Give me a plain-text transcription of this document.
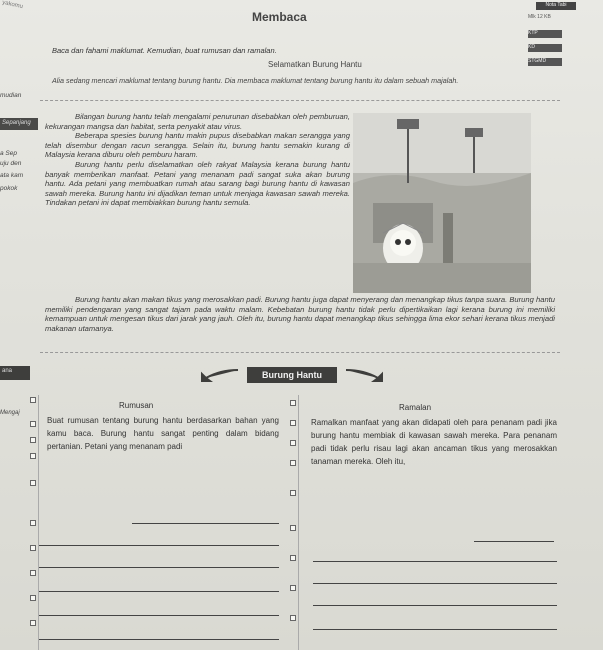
yakomu
Membaca
Nota Tabi
Mlk 12 KB
KTP
KD
STGMD
Baca dan fahami maklumat. Kemudian, buat rumusan dan ramalan.
Selamatkan Burung Hantu
Alia sedang mencari maklumat tentang burung hantu. Dia membaca maklumat tentang burung hantu itu dalam sebuah majalah.
mudian
Sepanjang
a Sep
uju den
ata kam
pokok

Bilangan burung hantu telah mengalami penurunan disebabkan oleh pemburuan, kekurangan mangsa dan habitat, serta penyakit atau virus.

Beberapa spesies burung hantu makin pupus disebabkan makan serangga yang telah disembur dengan racun serangga. Selain itu, burung hantu semakin kurang di Malaysia kerana diburu oleh pemburu haram.

Burung hantu perlu diselamatkan oleh rakyat Malaysia kerana burung hantu banyak memberikan manfaat. Petani yang menanam padi sangat suka akan burung hantu. Ada petani yang membuatkan rumah atau sarang bagi burung hantu di kawasan sawah mereka. Burung hantu ini dijadikan teman untuk menjaga kawasan sawah mereka. Tindakan petani ini dapat membiakkan burung hantu semula.

Burung hantu akan makan tikus yang merosakkan padi. Burung hantu juga dapat menyerang dan menangkap tikus tanpa suara. Burung hantu memiliki pendengaran yang sangat tajam pada waktu malam. Kebebatan burung hantu tidak perlu dipertikaikan lagi kerana burung ini memiliki kemampuan untuk mengesan tikus dari jarak yang jauh. Oleh itu, burung hantu dapat menangkap tikus sehingga lima ekor sehari kerana tikus menjadi makanan utamanya.

ana	Burung Hantu
Rumusan
Buat rumusan tentang burung hantu berdasarkan bahan yang kamu baca. Burung hantu sangat penting dalam bidang pertanian. Petani yang menanam padi
Ramalan
Ramalkan manfaat yang akan didapati oleh para penanam padi jika burung hantu membiak di kawasan sawah mereka. Para penanam padi tidak perlu risau lagi akan ancaman tikus yang merosakkan tanaman mereka. Oleh itu,
Mengaj
